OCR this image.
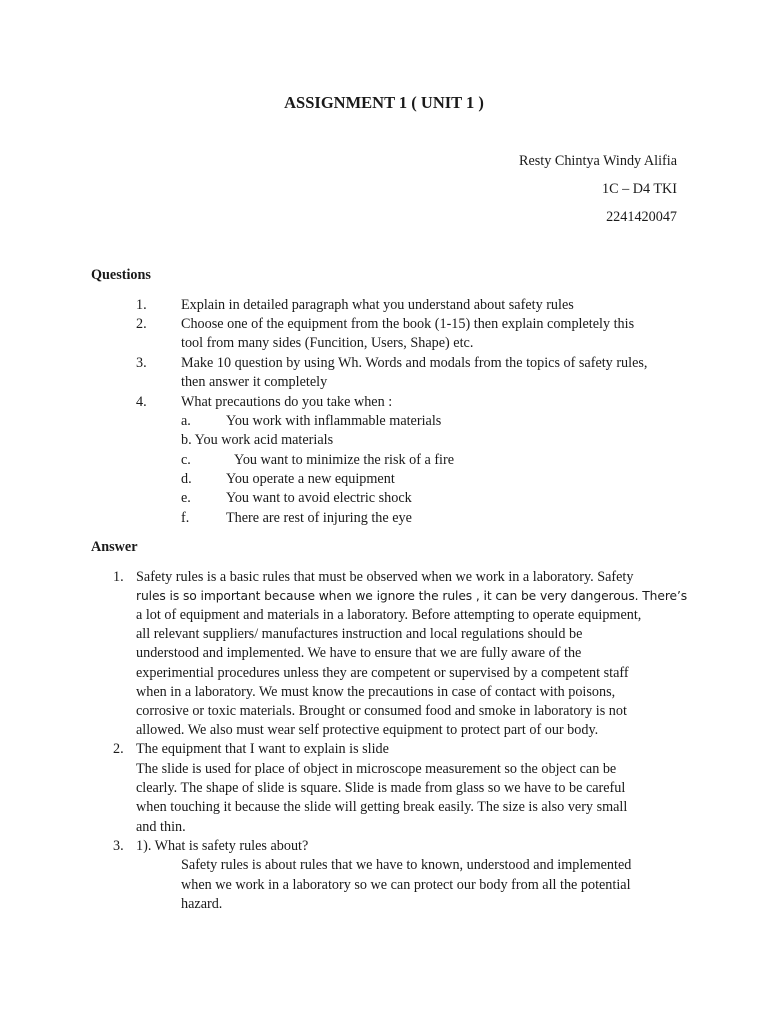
ASSIGNMENT 1 ( UNIT 1 )
Resty Chintya Windy Alifia
1C – D4 TKI
2241420047
Questions
1. Explain in detailed paragraph what you understand about safety rules
2. Choose one of the equipment from the book (1-15) then explain completely this
tool from many sides (Funcition, Users, Shape) etc.
3. Make 10 question by using Wh. Words and modals from the topics of safety rules,
then answer it completely
4. What precautions do you take when :
a. You work with inflammable materials
b. You work acid materials
c.	You want to minimize the risk of a fire
d. You operate a new equipment
e. You want to avoid electric shock
f.	There are rest of injuring the eye
Answer
1. Safety rules is a basic rules that must be observed when we work in a laboratory. Safety
rules is so important because when we ignore the rules , it can be very dangerous. There’s
a lot of equipment and materials in a laboratory. Before attempting to operate equipment,
all relevant suppliers/ manufactures instruction and local regulations should be
understood and implemented. We have to ensure that we are fully aware of the
experimential procedures unless they are competent or supervised by a competent staff
when in a laboratory. We must know the precautions in case of contact with poisons,
corrosive or toxic materials. Brought or consumed food and smoke in laboratory is not
allowed. We also must wear self protective equipment to protect part of our body.
2. The equipment that I want to explain is slide
The slide is used for place of object in microscope measurement so the object can be
clearly. The shape of slide is square. Slide is made from glass so we have to be careful
when touching it because the slide will getting break easily. The size is also very small
and thin.
3. 1). What is safety rules about?
Safety rules is about rules that we have to known, understood and implemented
when we work in a laboratory so we can protect our body from all the potential
hazard.
